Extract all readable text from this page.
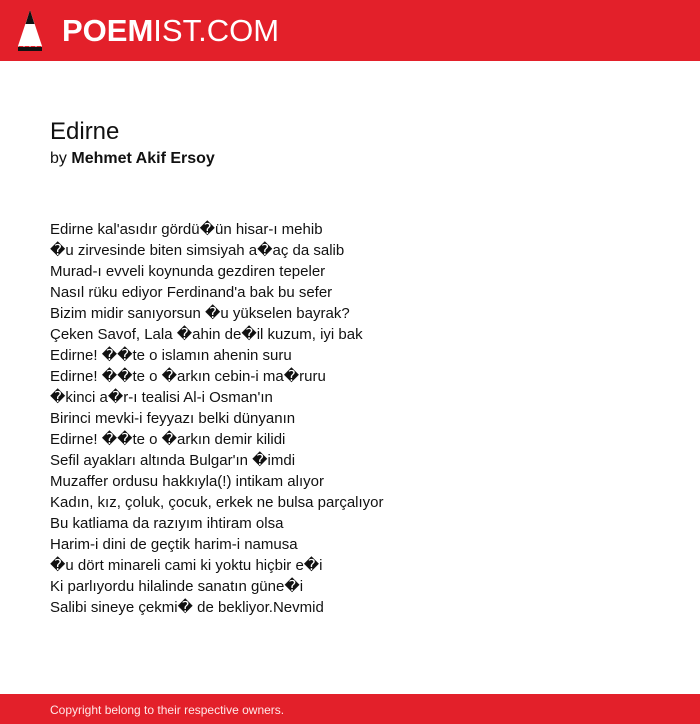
POEMIST.COM
Edirne
by Mehmet Akif Ersoy
Edirne kal'asıdır gördü�ün hisar-ı mehib
�u zirvesinde biten simsiyah a�aç da salib
Murad-ı evveli koynunda gezdiren tepeler
Nasıl rüku ediyor Ferdinand'a bak bu sefer
Bizim midir sanıyorsun �u yükselen bayrak?
Çeken Savof, Lala �ahin de�il kuzum, iyi bak
Edirne! ��te o islamın ahenin suru
Edirne! ��te o �arkın cebin-i ma�ruru
�kinci a�r-ı tealisi Al-i Osman'ın
Birinci mevki-i feyyazı belki dünyanın
Edirne! ��te o �arkın demir kilidi
Sefil ayakları altında Bulgar'ın �imdi
Muzaffer ordusu hakkıyla(!) intikam alıyor
Kadın, kız, çoluk, çocuk, erkek ne bulsa parçalıyor
Bu katliama da razıyım ihtiram olsa
Harim-i dini de geçtik harim-i namusa
�u dört minareli cami ki yoktu hiçbir e�i
Ki parlıyordu hilalinde sanatın güne�i
Salibi sineye çekmi� de bekliyor.Nevmid
Copyright belong to their respective owners.
